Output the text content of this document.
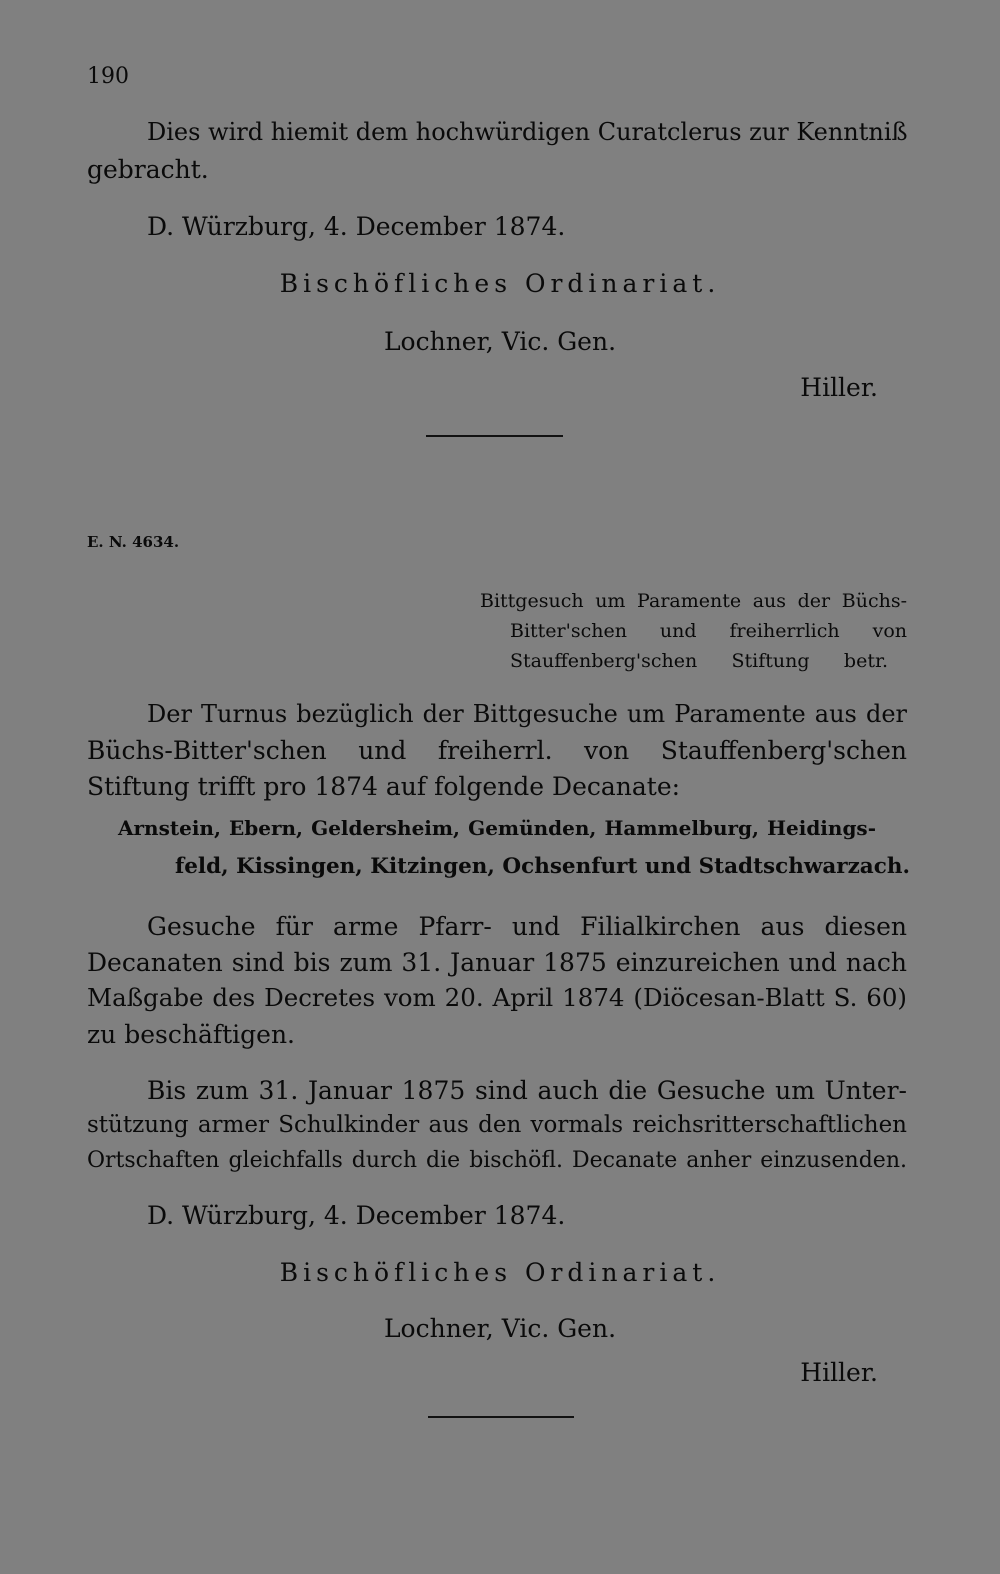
190
Dies wird hiemit dem hochwürdigen Curatclerus zur Kenntniß
gebracht.
D. Würzburg, 4. December 1874.
Bischöfliches Ordinariat.
Lochner, Vic. Gen.
Hiller.
E. N. 4634.
Bittgesuch um Paramente aus der Büchs-
Bitter'schen und freiherrlich von
Stauffenberg'schen Stiftung betr.
Der Turnus bezüglich der Bittgesuche um Paramente aus der
Büchs-Bitter'schen und freiherrl. von Stauffenberg'schen
Stiftung trifft pro 1874 auf folgende Decanate:
Arnstein, Ebern, Geldersheim, Gemünden, Hammelburg, Heidings-
feld, Kissingen, Kitzingen, Ochsenfurt und Stadtschwarzach.
Gesuche für arme Pfarr- und Filialkirchen aus diesen
Decanaten sind bis zum 31. Januar 1875 einzureichen und nach
Maßgabe des Decretes vom 20. April 1874 (Diöcesan-Blatt S. 60)
zu beschäftigen.
Bis zum 31. Januar 1875 sind auch die Gesuche um Unter-
stützung armer Schulkinder aus den vormals reichsritterschaftlichen
Ortschaften gleichfalls durch die bischöfl. Decanate anher einzusenden.
D. Würzburg, 4. December 1874.
Bischöfliches Ordinariat.
Lochner, Vic. Gen.
Hiller.
